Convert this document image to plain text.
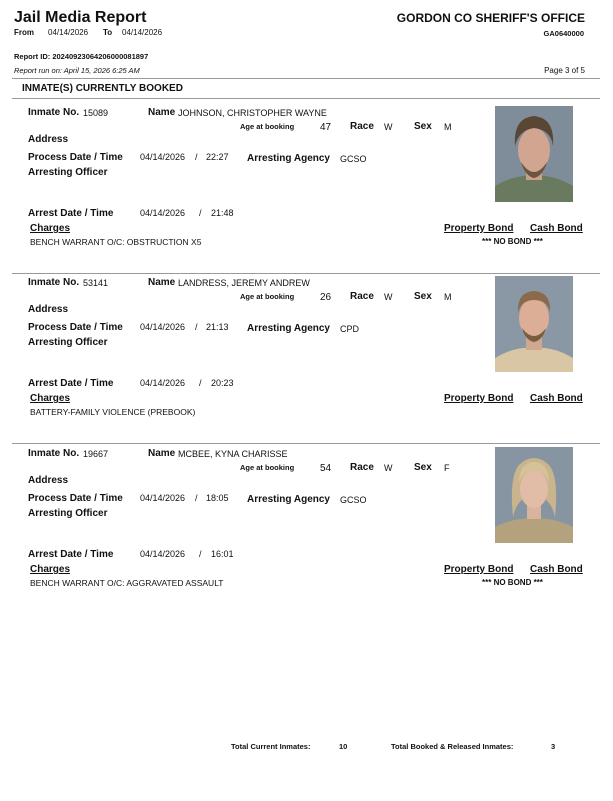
Jail Media Report
From 04/14/2026 To 04/14/2026
GORDON CO SHERIFF'S OFFICE
GA0640000
Report ID: 20240923064206000081897
Report run on: April 15, 2026 6:25 AM	Page 3 of 5
INMATE(S) CURRENTLY BOOKED
Inmate No. 15089	Name JOHNSON, CHRISTOPHER WAYNE
Age at booking	47 Race W Sex M
Address
Process Date / Time 04/14/2026 / 22:27 Arresting Agency GCSO
Arresting Officer
Arrest Date / Time	04/14/2026 / 21:48
Charges
BENCH WARRANT O/C: OBSTRUCTION X5
Property Bond Cash Bond
*** NO BOND ***
Inmate No. 53141	Name LANDRESS, JEREMY ANDREW
Age at booking	26 Race W Sex M
Address
Process Date / Time 04/14/2026 / 21:13 Arresting Agency CPD
Arresting Officer
Arrest Date / Time	04/14/2026 / 20:23
Charges
BATTERY-FAMILY VIOLENCE (PREBOOK)
Property Bond Cash Bond
Inmate No. 19667	Name MCBEE, KYNA CHARISSE
Age at booking	54 Race W Sex F
Address
Process Date / Time 04/14/2026 / 18:05 Arresting Agency GCSO
Arresting Officer
Arrest Date / Time	04/14/2026 / 16:01
Charges
BENCH WARRANT O/C: AGGRAVATED ASSAULT
Property Bond Cash Bond
*** NO BOND ***
Total Current Inmates:	10	Total Booked & Released Inmates:	3
